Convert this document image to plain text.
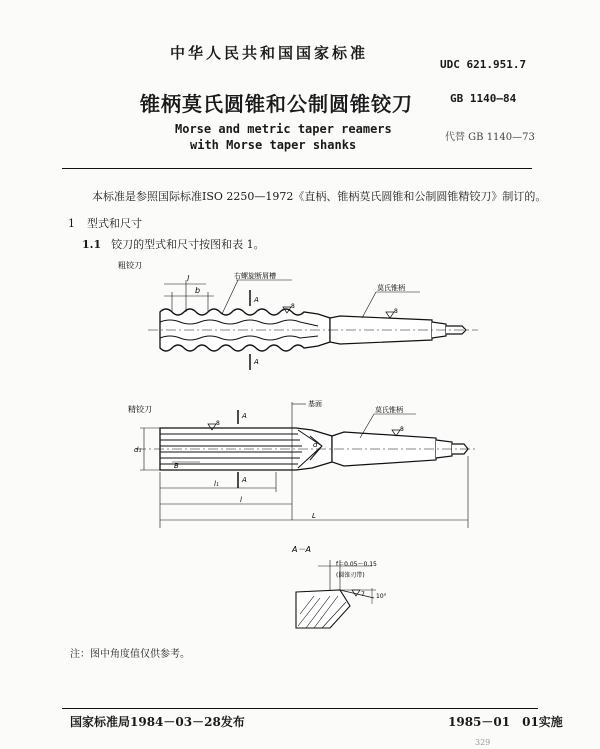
中华人民共和国国家标准
UDC 621.951.7
锥柄莫氏圆锥和公制圆锥铰刀	GB 1140—84
Morse and metric taper reamers
with Morse taper shanks
代替 GB 1140—73
本标准是参照国际标准ISO 2250—1972《直柄、锥柄莫氏圆锥和公制圆锥精铰刀》制订的。
1 型式和尺寸
1.1 铰刀的型式和尺寸按图和表 1。
粗铰刀
l
b
右螺旋断屑槽
A
A
8
8
莫氏锥柄
精铰刀
基面
莫氏锥柄
d₁
d
B
A
A
8
8
l₁
l
L
A－A
f＝0.05～0.15
(圆锥刃带)
7 10°
注：图中角度值仅供参考。
国家标准局1984－03－28发布	1985－01　01实施
329
